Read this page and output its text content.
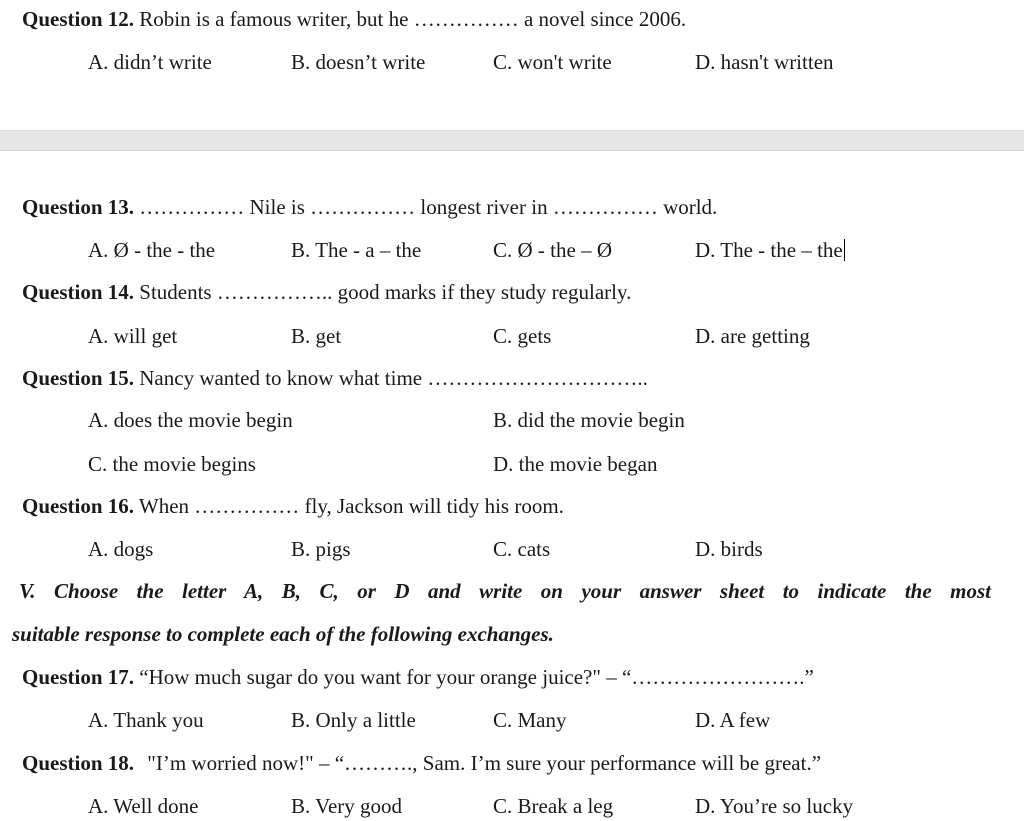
Question 12. Robin is a famous writer, but he …………… a novel since 2006.
A. didn’t write	B. doesn’t write	C. won't write	D. hasn't written
Question 13. …………… Nile is …………… longest river in …………… world.
A. Ø - the - the	B. The - a – the	C. Ø - the – Ø	D. The - the – the
Question 14. Students …………….. good marks if they study regularly.
A. will get	B. get	C. gets	D. are getting
Question 15. Nancy wanted to know what time …………………………..
A. does the movie begin	B. did the movie begin
C. the movie begins	D. the movie began
Question 16. When …………… fly, Jackson will tidy his room.
A. dogs	B. pigs	C. cats	D. birds
V. Choose the letter A, B, C, or D and write on your answer sheet to indicate the most
suitable response to complete each of the following exchanges.
Question 17. “How much sugar do you want for your orange juice?" – “…………………….”
A. Thank you	B. Only a little	C. Many	D. A few
Question 18. "I’m worried now!" – “………., Sam. I’m sure your performance will be great.”
A. Well done	B. Very good	C. Break a leg	D. You’re so lucky
